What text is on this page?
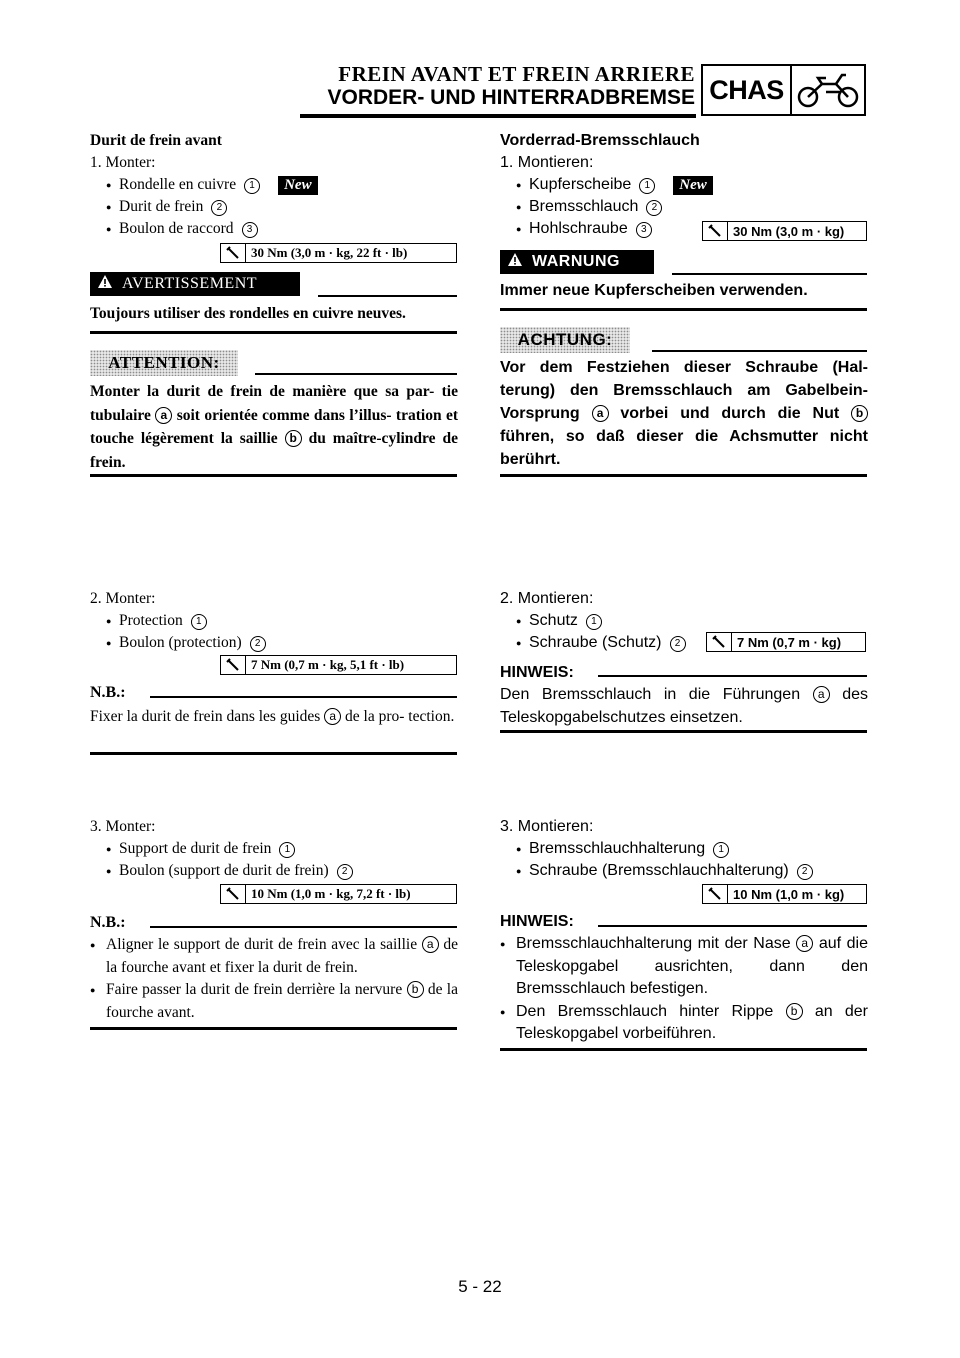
FREIN AVANT ET FREIN ARRIERE
VORDER- UND HINTERRADBREMSE CHAS
Durit de frein avant
1. Monter:
● Rondelle en cuivre 1 New
● Durit de frein 2
● Boulon de raccord 3
30 Nm (3,0 m · kg, 22 ft · lb)
AVERTISSEMENT
Toujours utiliser des rondelles en cuivre neuves.
ATTENTION:
Monter la durit de frein de manière que sa par- tie tubulaire a soit orientée comme dans l’illus- tration et touche légèrement la saillie b du maître-cylindre de frein.
2. Monter:
● Protection 1
● Boulon (protection) 2
7 Nm (0,7 m · kg, 5,1 ft · lb)
N.B.:
Fixer la durit de frein dans les guides a de la pro- tection.
3. Monter:
● Support de durit de frein 1
● Boulon (support de durit de frein) 2
10 Nm (1,0 m · kg, 7,2 ft · lb)
N.B.:
● Aligner le support de durit de frein avec la saillie a de la fourche avant et fixer la durit de frein.
● Faire passer la durit de frein derrière la nervure b de la fourche avant.
Vorderrad-Bremsschlauch
1. Montieren:
● Kupferscheibe 1 New
● Bremsschlauch 2
● Hohlschraube 3	30 Nm (3,0 m · kg)
WARNUNG
Immer neue Kupferscheiben verwenden.
ACHTUNG:
Vor dem Festziehen dieser Schraube (Hal- terung) den Bremsschlauch am Gabelbein- Vorsprung a vorbei und durch die Nut b führen, so daß dieser die Achsmutter nicht berührt.
2. Montieren:
● Schutz 1
● Schraube (Schutz) 2	7 Nm (0,7 m · kg)
HINWEIS:
Den Bremsschlauch in die Führungen a des Teleskopgabelschutzes einsetzen.
3. Montieren:
● Bremsschlauchhalterung 1
● Schraube (Bremsschlauchhalterung) 2
10 Nm (1,0 m · kg)
HINWEIS:
● Bremsschlauchhalterung mit der Nase a auf die Teleskopgabel ausrichten, dann den Bremsschlauch befestigen.
● Den Bremsschlauch hinter Rippe b an der Teleskopgabel vorbeiführen.
5 - 22
